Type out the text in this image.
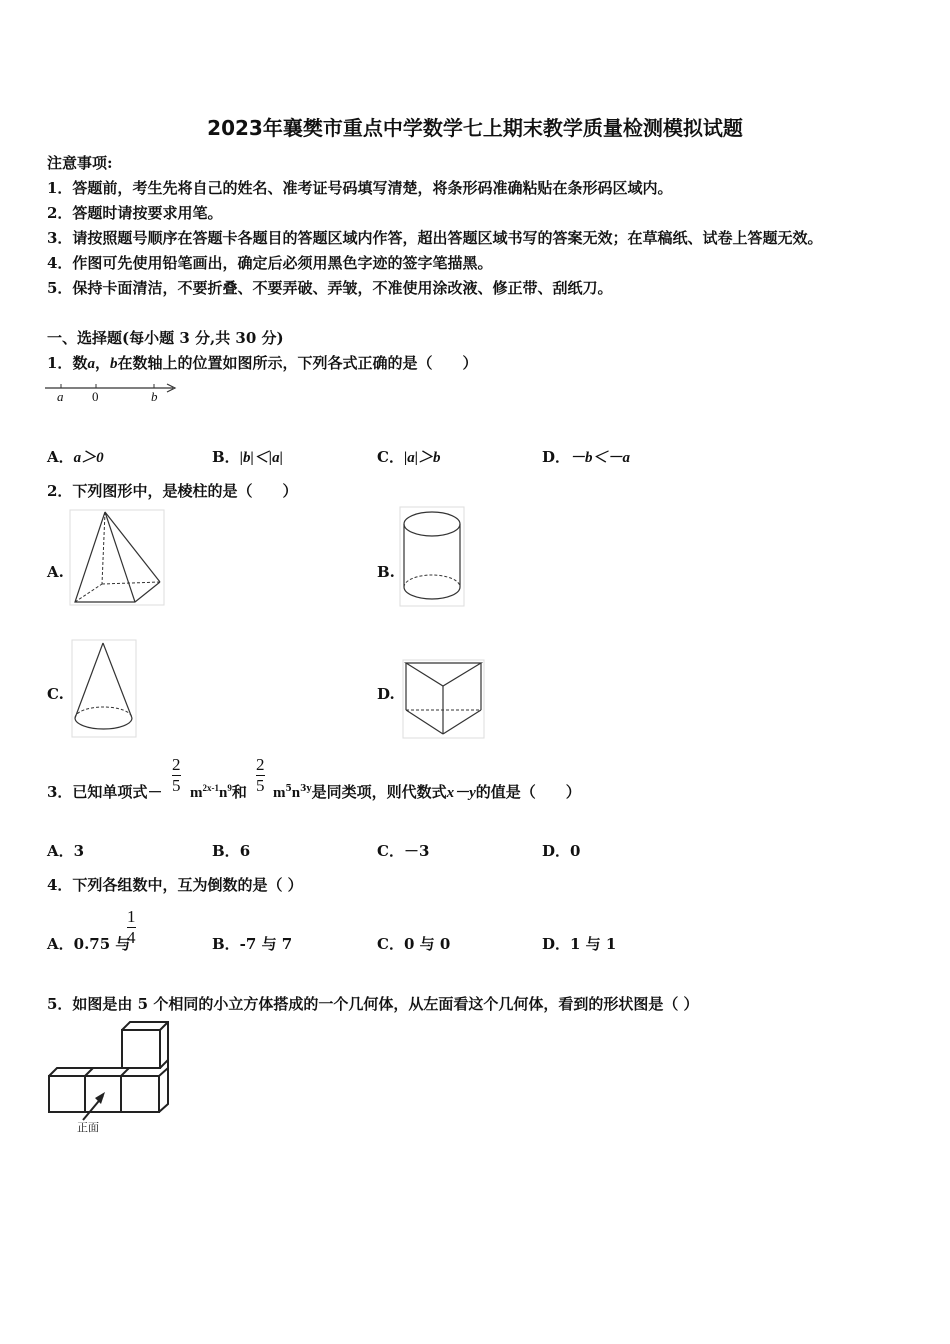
2023年襄樊市重点中学数学七上期末教学质量检测模拟试题
注意事项:
1．答题前，考生先将自己的姓名、准考证号码填写清楚，将条形码准确粘贴在条形码区域内。
2．答题时请按要求用笔。
3．请按照题号顺序在答题卡各题目的答题区域内作答，超出答题区域书写的答案无效；在草稿纸、试卷上答题无效。
4．作图可先使用铅笔画出，确定后必须用黑色字迹的签字笔描黑。
5．保持卡面清洁，不要折叠、不要弄破、弄皱，不准使用涂改液、修正带、刮纸刀。
一、选择题(每小题 3 分,共 30 分)
1．数a，b在数轴上的位置如图所示，下列各式正确的是（　　）
a 0	b
A．a＞0	B．|b|＜|a|	C．|a|＞b	D．－b＜－a
2．下列图形中，是棱柱的是（　　）
A.	B.
C.	D.
3．已知单项式－
2
5 $m^{2x-1}n^9$和
2
5 $m^5n^{3y}$是同类项，则代数式x－y的值是（　　）
A．3	B．6	C．－3	D．0
4．下列各组数中，互为倒数的是（ ）
A．0.75 与
1
4	B．-7 与 7	C．0 与 0	D．1 与 1
5．如图是由 5 个相同的小立方体搭成的一个几何体，从左面看这个几何体，看到的形状图是（ ）
正面
